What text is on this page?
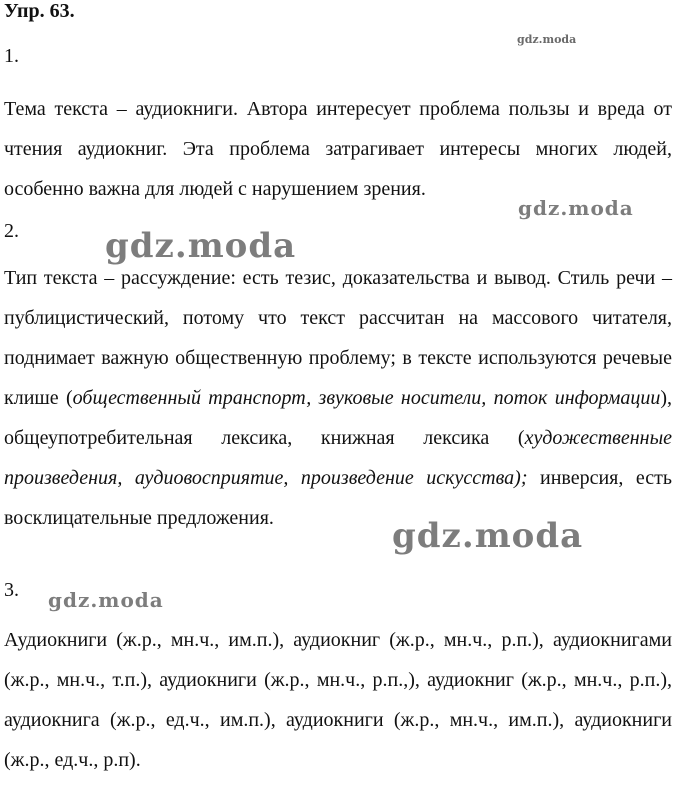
Упр. 63.
gdz.moda
1.

Тема текста – аудиокниги. Автора интересует проблема пользы и вреда от чтения аудиокниг. Эта проблема затрагивает интересы многих людей, особенно важна для людей с нарушением зрения.

gdz.moda
2.	gdz.moda

Тип текста – рассуждение: есть тезис, доказательства и вывод. Стиль речи – публицистический, потому что текст рассчитан на массового читателя, поднимает важную общественную проблему; в тексте используются речевые клише (общественный транспорт, звуковые носители, поток информации), общеупотребительная лексика, книжная лексика (художественные произведения, аудиовосприятие, произведение искусства); инверсия, есть восклицательные предложения.	gdz.moda
3. gdz.moda

Аудиокниги (ж.р., мн.ч., им.п.), аудиокниг (ж.р., мн.ч., р.п.), аудиокнигами (ж.р., мн.ч., т.п.), аудиокниги (ж.р., мн.ч., р.п.,), аудиокниг (ж.р., мн.ч., р.п.), аудиокнига (ж.р., ед.ч., им.п.), аудиокниги (ж.р., мн.ч., им.п.), аудиокниги (ж.р., ед.ч., р.п).
